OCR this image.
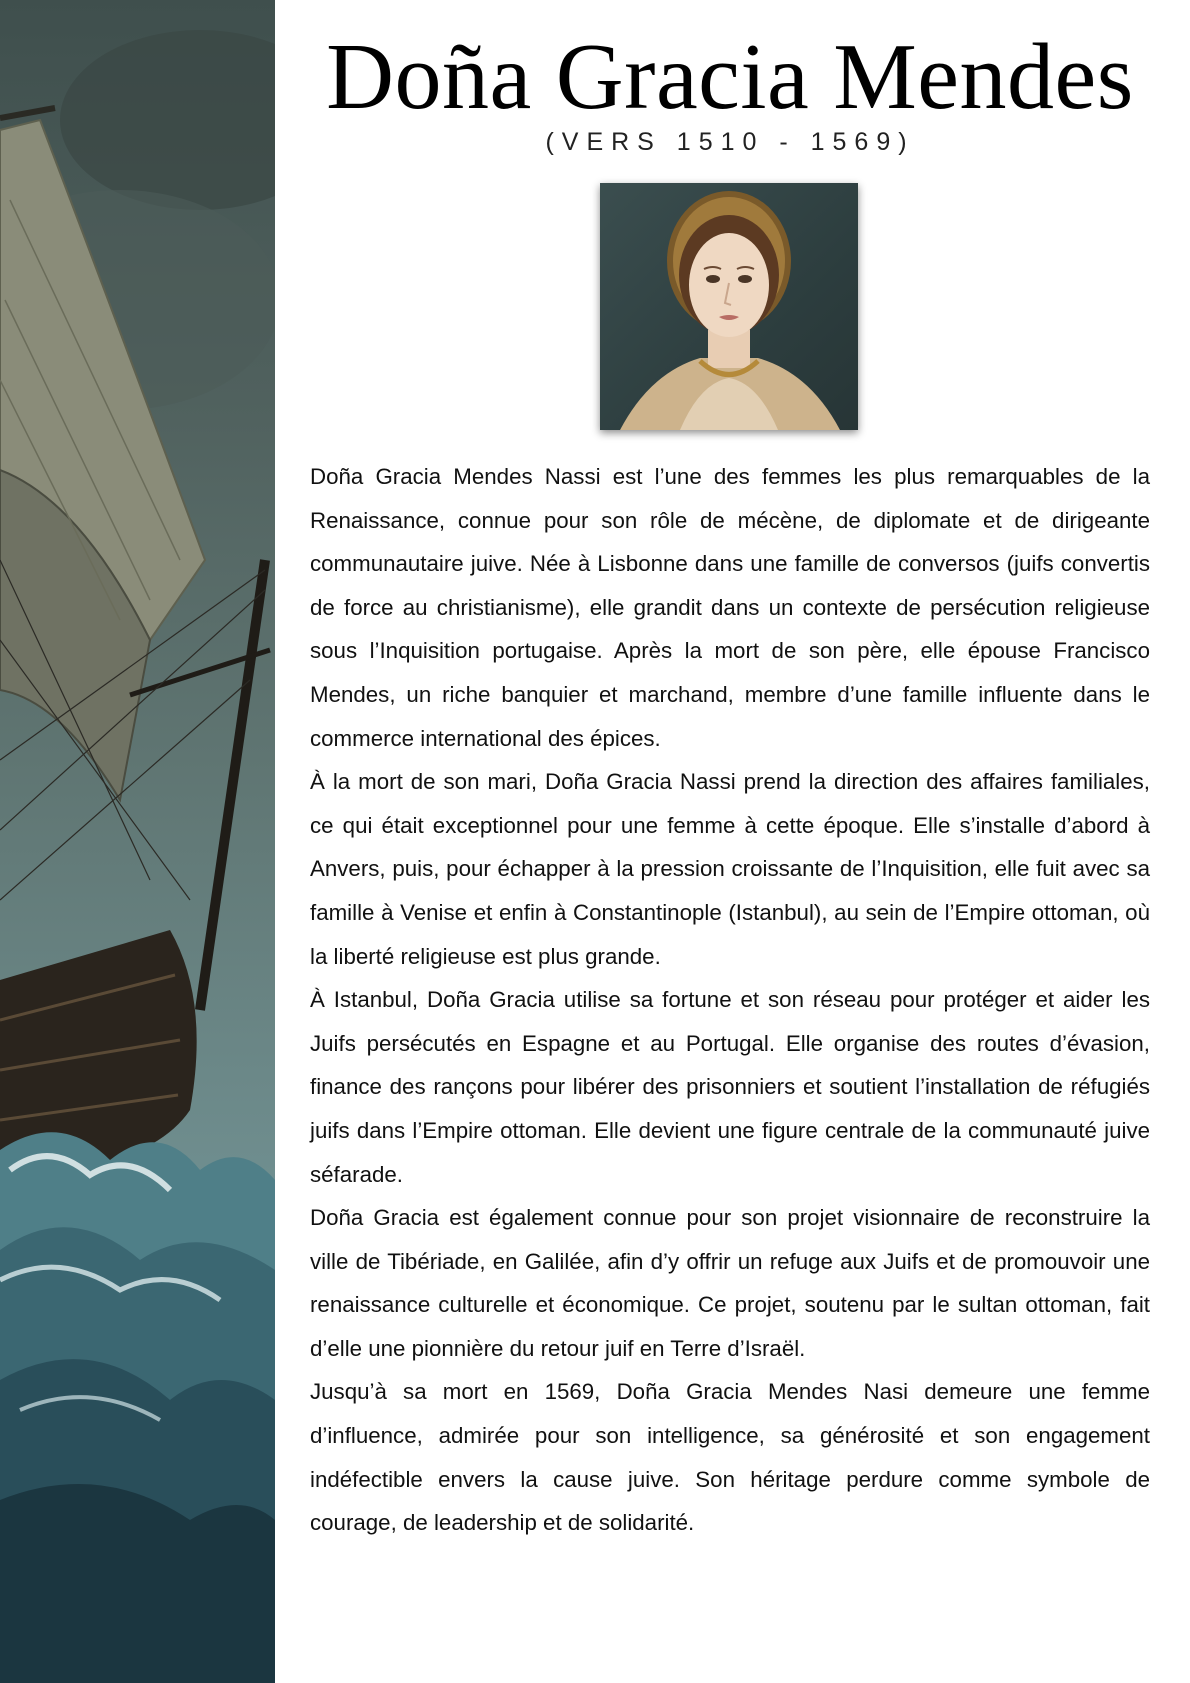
Doña Gracia Mendes
(VERS 1510 - 1569)

Doña Gracia Mendes Nassi est l’une des femmes les plus remarquables de la Renaissance, connue pour son rôle de mécène, de diplomate et de dirigeante communautaire juive. Née à Lisbonne dans une famille de conversos (juifs convertis de force au christianisme), elle grandit dans un contexte de persécution religieuse sous l’Inquisition portugaise. Après la mort de son père, elle épouse Francisco Mendes, un riche banquier et marchand, membre d’une famille influente dans le commerce international des épices.

À la mort de son mari, Doña Gracia Nassi prend la direction des affaires familiales, ce qui était exceptionnel pour une femme à cette époque. Elle s’installe d’abord à Anvers, puis, pour échapper à la pression croissante de l’Inquisition, elle fuit avec sa famille à Venise et enfin à Constantinople (Istanbul), au sein de l’Empire ottoman, où la liberté religieuse est plus grande.

À Istanbul, Doña Gracia utilise sa fortune et son réseau pour protéger et aider les Juifs persécutés en Espagne et au Portugal. Elle organise des routes d’évasion, finance des rançons pour libérer des prisonniers et soutient l’installation de réfugiés juifs dans l’Empire ottoman. Elle devient une figure centrale de la communauté juive séfarade.

Doña Gracia est également connue pour son projet visionnaire de reconstruire la ville de Tibériade, en Galilée, afin d’y offrir un refuge aux Juifs et de promouvoir une renaissance culturelle et économique. Ce projet, soutenu par le sultan ottoman, fait d’elle une pionnière du retour juif en Terre d’Israël.

Jusqu’à sa mort en 1569, Doña Gracia Mendes Nasi demeure une femme d’influence, admirée pour son intelligence, sa générosité et son engagement indéfectible envers la cause juive. Son héritage perdure comme symbole de courage, de leadership et de solidarité.
